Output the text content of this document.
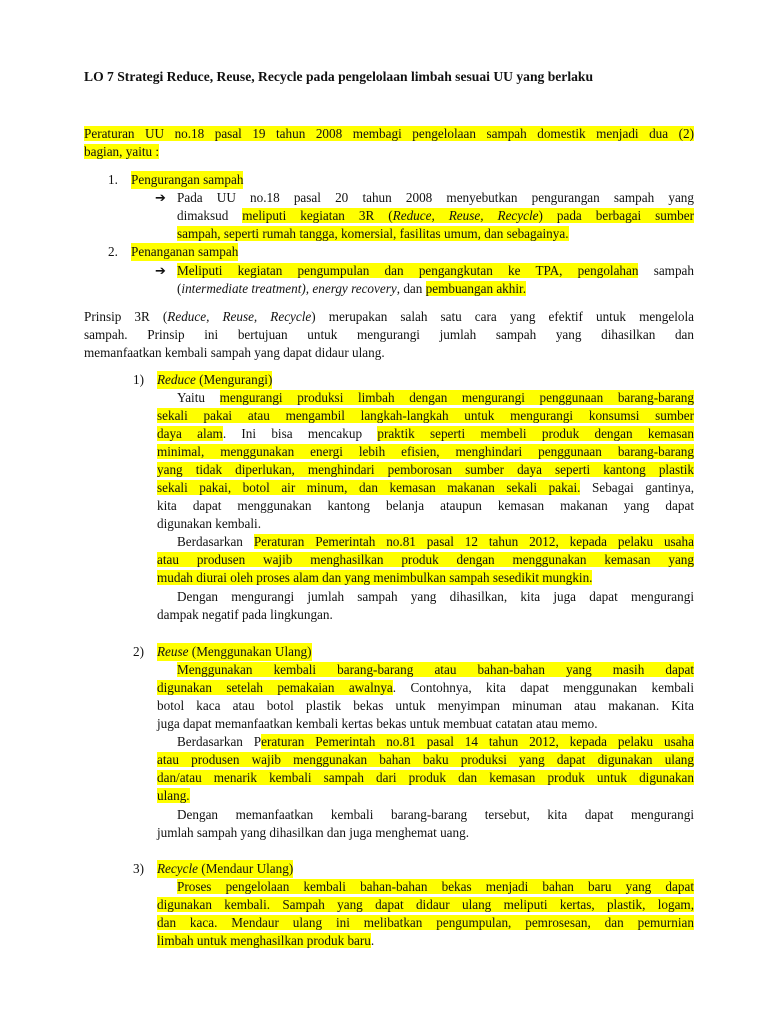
LO 7 Strategi Reduce, Reuse, Recycle pada pengelolaan limbah sesuai UU yang berlaku
Peraturan UU no.18 pasal 19 tahun 2008 membagi pengelolaan sampah domestik menjadi dua (2)
bagian, yaitu :
1. Pengurangan sampah
➔ Pada UU no.18 pasal 20 tahun 2008 menyebutkan pengurangan sampah yang
dimaksud meliputi kegiatan 3R (Reduce, Reuse, Recycle) pada berbagai sumber
sampah, seperti rumah tangga, komersial, fasilitas umum, dan sebagainya.
2. Penanganan sampah
➔ Meliputi kegiatan pengumpulan dan pengangkutan ke TPA, pengolahan sampah
(intermediate treatment), energy recovery, dan pembuangan akhir.
Prinsip 3R (Reduce, Reuse, Recycle) merupakan salah satu cara yang efektif untuk mengelola
sampah. Prinsip ini bertujuan untuk mengurangi jumlah sampah yang dihasilkan dan
memanfaatkan kembali sampah yang dapat didaur ulang.
1) Reduce (Mengurangi)
Yaitu mengurangi produksi limbah dengan mengurangi penggunaan barang-barang
sekali pakai atau mengambil langkah-langkah untuk mengurangi konsumsi sumber
daya alam. Ini bisa mencakup praktik seperti membeli produk dengan kemasan
minimal, menggunakan energi lebih efisien, menghindari penggunaan barang-barang
yang tidak diperlukan, menghindari pemborosan sumber daya seperti kantong plastik
sekali pakai, botol air minum, dan kemasan makanan sekali pakai. Sebagai gantinya,
kita dapat menggunakan kantong belanja ataupun kemasan makanan yang dapat
digunakan kembali.
Berdasarkan Peraturan Pemerintah no.81 pasal 12 tahun 2012, kepada pelaku usaha
atau produsen wajib menghasilkan produk dengan menggunakan kemasan yang
mudah diurai oleh proses alam dan yang menimbulkan sampah sesedikit mungkin.
Dengan mengurangi jumlah sampah yang dihasilkan, kita juga dapat mengurangi
dampak negatif pada lingkungan.
2) Reuse (Menggunakan Ulang)
Menggunakan kembali barang-barang atau bahan-bahan yang masih dapat
digunakan setelah pemakaian awalnya. Contohnya, kita dapat menggunakan kembali
botol kaca atau botol plastik bekas untuk menyimpan minuman atau makanan. Kita
juga dapat memanfaatkan kembali kertas bekas untuk membuat catatan atau memo.
Berdasarkan Peraturan Pemerintah no.81 pasal 14 tahun 2012, kepada pelaku usaha
atau produsen wajib menggunakan bahan baku produksi yang dapat digunakan ulang
dan/atau menarik kembali sampah dari produk dan kemasan produk untuk digunakan
ulang.
Dengan memanfaatkan kembali barang-barang tersebut, kita dapat mengurangi
jumlah sampah yang dihasilkan dan juga menghemat uang.
3) Recycle (Mendaur Ulang)
Proses pengelolaan kembali bahan-bahan bekas menjadi bahan baru yang dapat
digunakan kembali. Sampah yang dapat didaur ulang meliputi kertas, plastik, logam,
dan kaca. Mendaur ulang ini melibatkan pengumpulan, pemrosesan, dan pemurnian
limbah untuk menghasilkan produk baru.
